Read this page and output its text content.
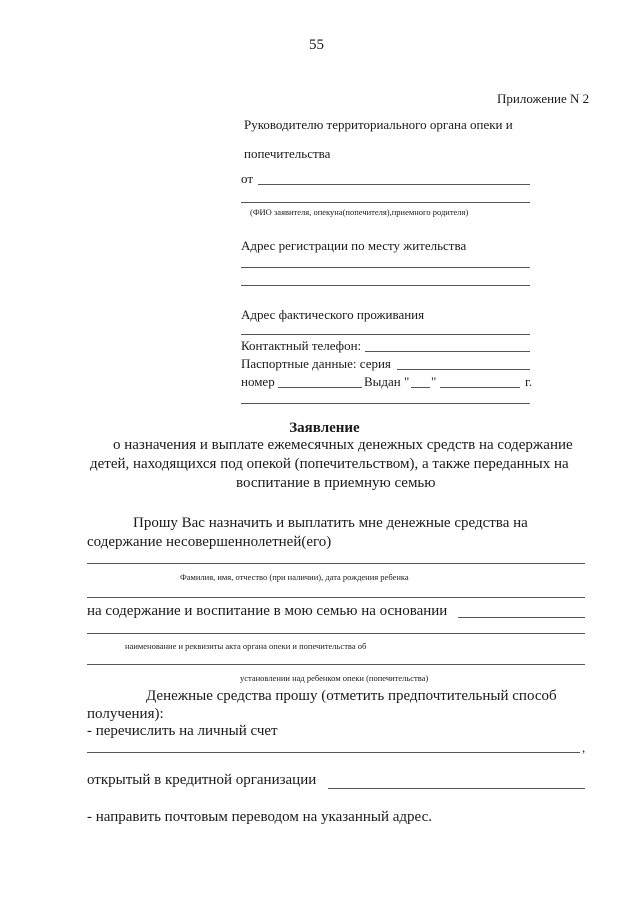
55
Приложение N 2
Руководителю территориального органа опеки и
попечительства
от
(ФИО заявителя, опекуна(попечителя),приемного родителя)
Адрес регистрации по месту жительства
Адрес фактического проживания
Контактный телефон:
Паспортные данные: серия
номер	Выдан " "	г.
Заявление
о назначения и выплате ежемесячных денежных средств на содержание
детей, находящихся под опекой (попечительством), а также переданных на
воспитание в приемную семью
Прошу Вас назначить и выплатить мне денежные средства на
содержание несовершеннолетней(его)
Фамилия, имя, отчество (при наличии), дата рождения ребенка
на содержание и воспитание в мою семью на основании
наименование и реквизиты акта органа опеки и попечительства об
установлении над ребенком опеки (попечительства)
Денежные средства прошу (отметить предпочтительный способ
получения):
- перечислить на личный счет
,
открытый в кредитной организации
- направить почтовым переводом на указанный адрес.
